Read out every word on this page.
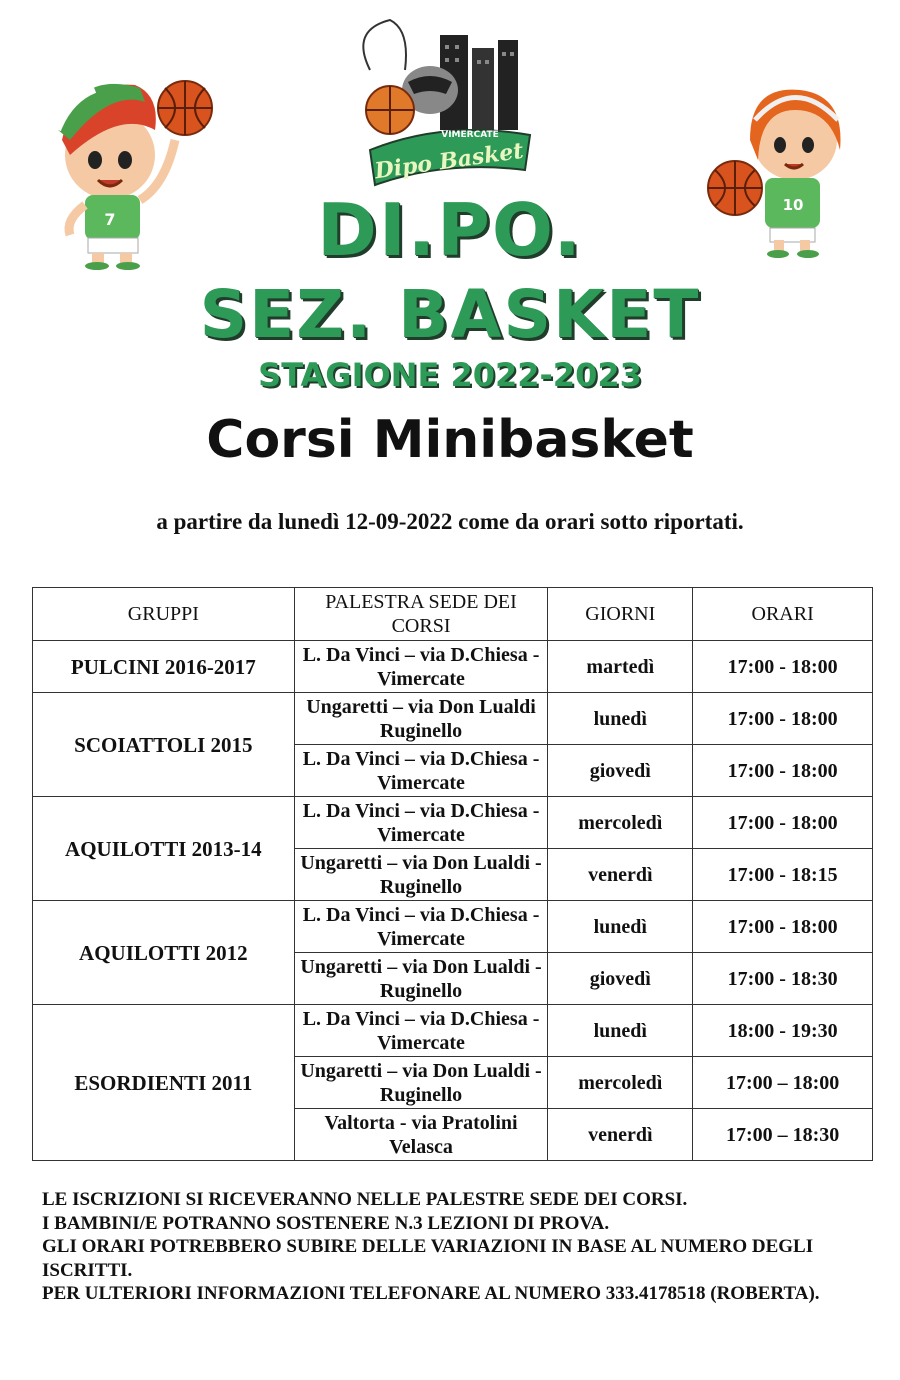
7
VIMERCATE
Dipo Basket
10
DI.PO.
SEZ. BASKET
STAGIONE 2022-2023
Corsi Minibasket
a partire da lunedì 12-09-2022 come da orari sotto riportati.
GRUPPI	PALESTRA SEDE DEI CORSI	GIORNI	ORARI
PULCINI 2016-2017	L. Da Vinci – via D.Chiesa - Vimercate	martedì	17:00 - 18:00
SCOIATTOLI 2015	Ungaretti – via Don Lualdi Ruginello	lunedì	17:00 - 18:00
	L. Da Vinci – via D.Chiesa - Vimercate	giovedì	17:00 - 18:00
AQUILOTTI 2013-14	L. Da Vinci – via D.Chiesa - Vimercate	mercoledì	17:00 - 18:00
	Ungaretti – via Don Lualdi - Ruginello	venerdì	17:00 - 18:15
AQUILOTTI 2012	L. Da Vinci – via D.Chiesa - Vimercate	lunedì	17:00 - 18:00
	Ungaretti – via Don Lualdi - Ruginello	giovedì	17:00 - 18:30
ESORDIENTI 2011	L. Da Vinci – via D.Chiesa - Vimercate	lunedì	18:00 - 19:30
	Ungaretti – via Don Lualdi - Ruginello	mercoledì	17:00 – 18:00
	Valtorta - via Pratolini Velasca	venerdì	17:00 – 18:30
LE ISCRIZIONI SI RICEVERANNO NELLE PALESTRE SEDE DEI CORSI.
I BAMBINI/E POTRANNO SOSTENERE N.3 LEZIONI DI PROVA.
GLI ORARI POTREBBERO SUBIRE DELLE VARIAZIONI IN BASE AL NUMERO DEGLI ISCRITTI.
PER ULTERIORI INFORMAZIONI TELEFONARE AL NUMERO 333.4178518 (ROBERTA).
